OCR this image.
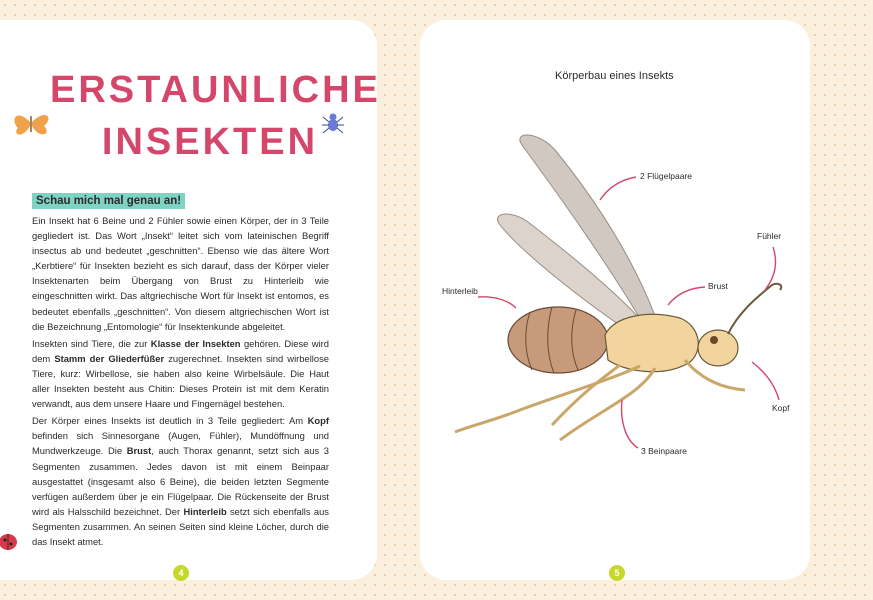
ERSTAUNLICHE
INSEKTEN
Schau mich mal genau an!

Ein Insekt hat 6 Beine und 2 Fühler sowie einen Körper, der in 3 Teile gegliedert ist. Das Wort „Insekt“ leitet sich vom lateinischen Begriff insectus ab und bedeutet „geschnitten“. Ebenso wie das ältere Wort „Kerbtiere“ für Insekten bezieht es sich darauf, dass der Körper vieler Insektenarten beim Übergang von Brust zu Hinterleib wie eingeschnitten wirkt. Das altgriechische Wort für Insekt ist entomos, es bedeutet ebenfalls „geschnitten“. Von diesem altgriechischen Wort ist die Bezeichnung „Entomologie“ für Insektenkunde abgeleitet.

Insekten sind Tiere, die zur Klasse der Insekten gehören. Diese wird dem Stamm der Gliederfüßer zugerechnet. Insekten sind wirbellose Tiere, kurz: Wirbellose, sie haben also keine Wirbelsäule. Die Haut aller Insekten besteht aus Chitin: Dieses Protein ist mit dem Keratin verwandt, aus dem unsere Haare und Fingernägel bestehen.

Der Körper eines Insekts ist deutlich in 3 Teile gegliedert: Am Kopf befinden sich Sinnesorgane (Augen, Fühler), Mundöffnung und Mundwerkzeuge. Die Brust, auch Thorax genannt, setzt sich aus 3 Segmenten zusammen. Jedes davon ist mit einem Beinpaar ausgestattet (insgesamt also 6 Beine), die beiden letzten Segmente verfügen außerdem über je ein Flügelpaar. Die Rückenseite der Brust wird als Halsschild bezeichnet. Der Hinterleib setzt sich ebenfalls aus Segmenten zusammen. An seinen Seiten sind kleine Löcher, durch die das Insekt atmet.

4
Körperbau eines Insekts
2 Flügelpaare
Fühler
Brust
Hinterleib
Kopf
3 Beinpaare
5
